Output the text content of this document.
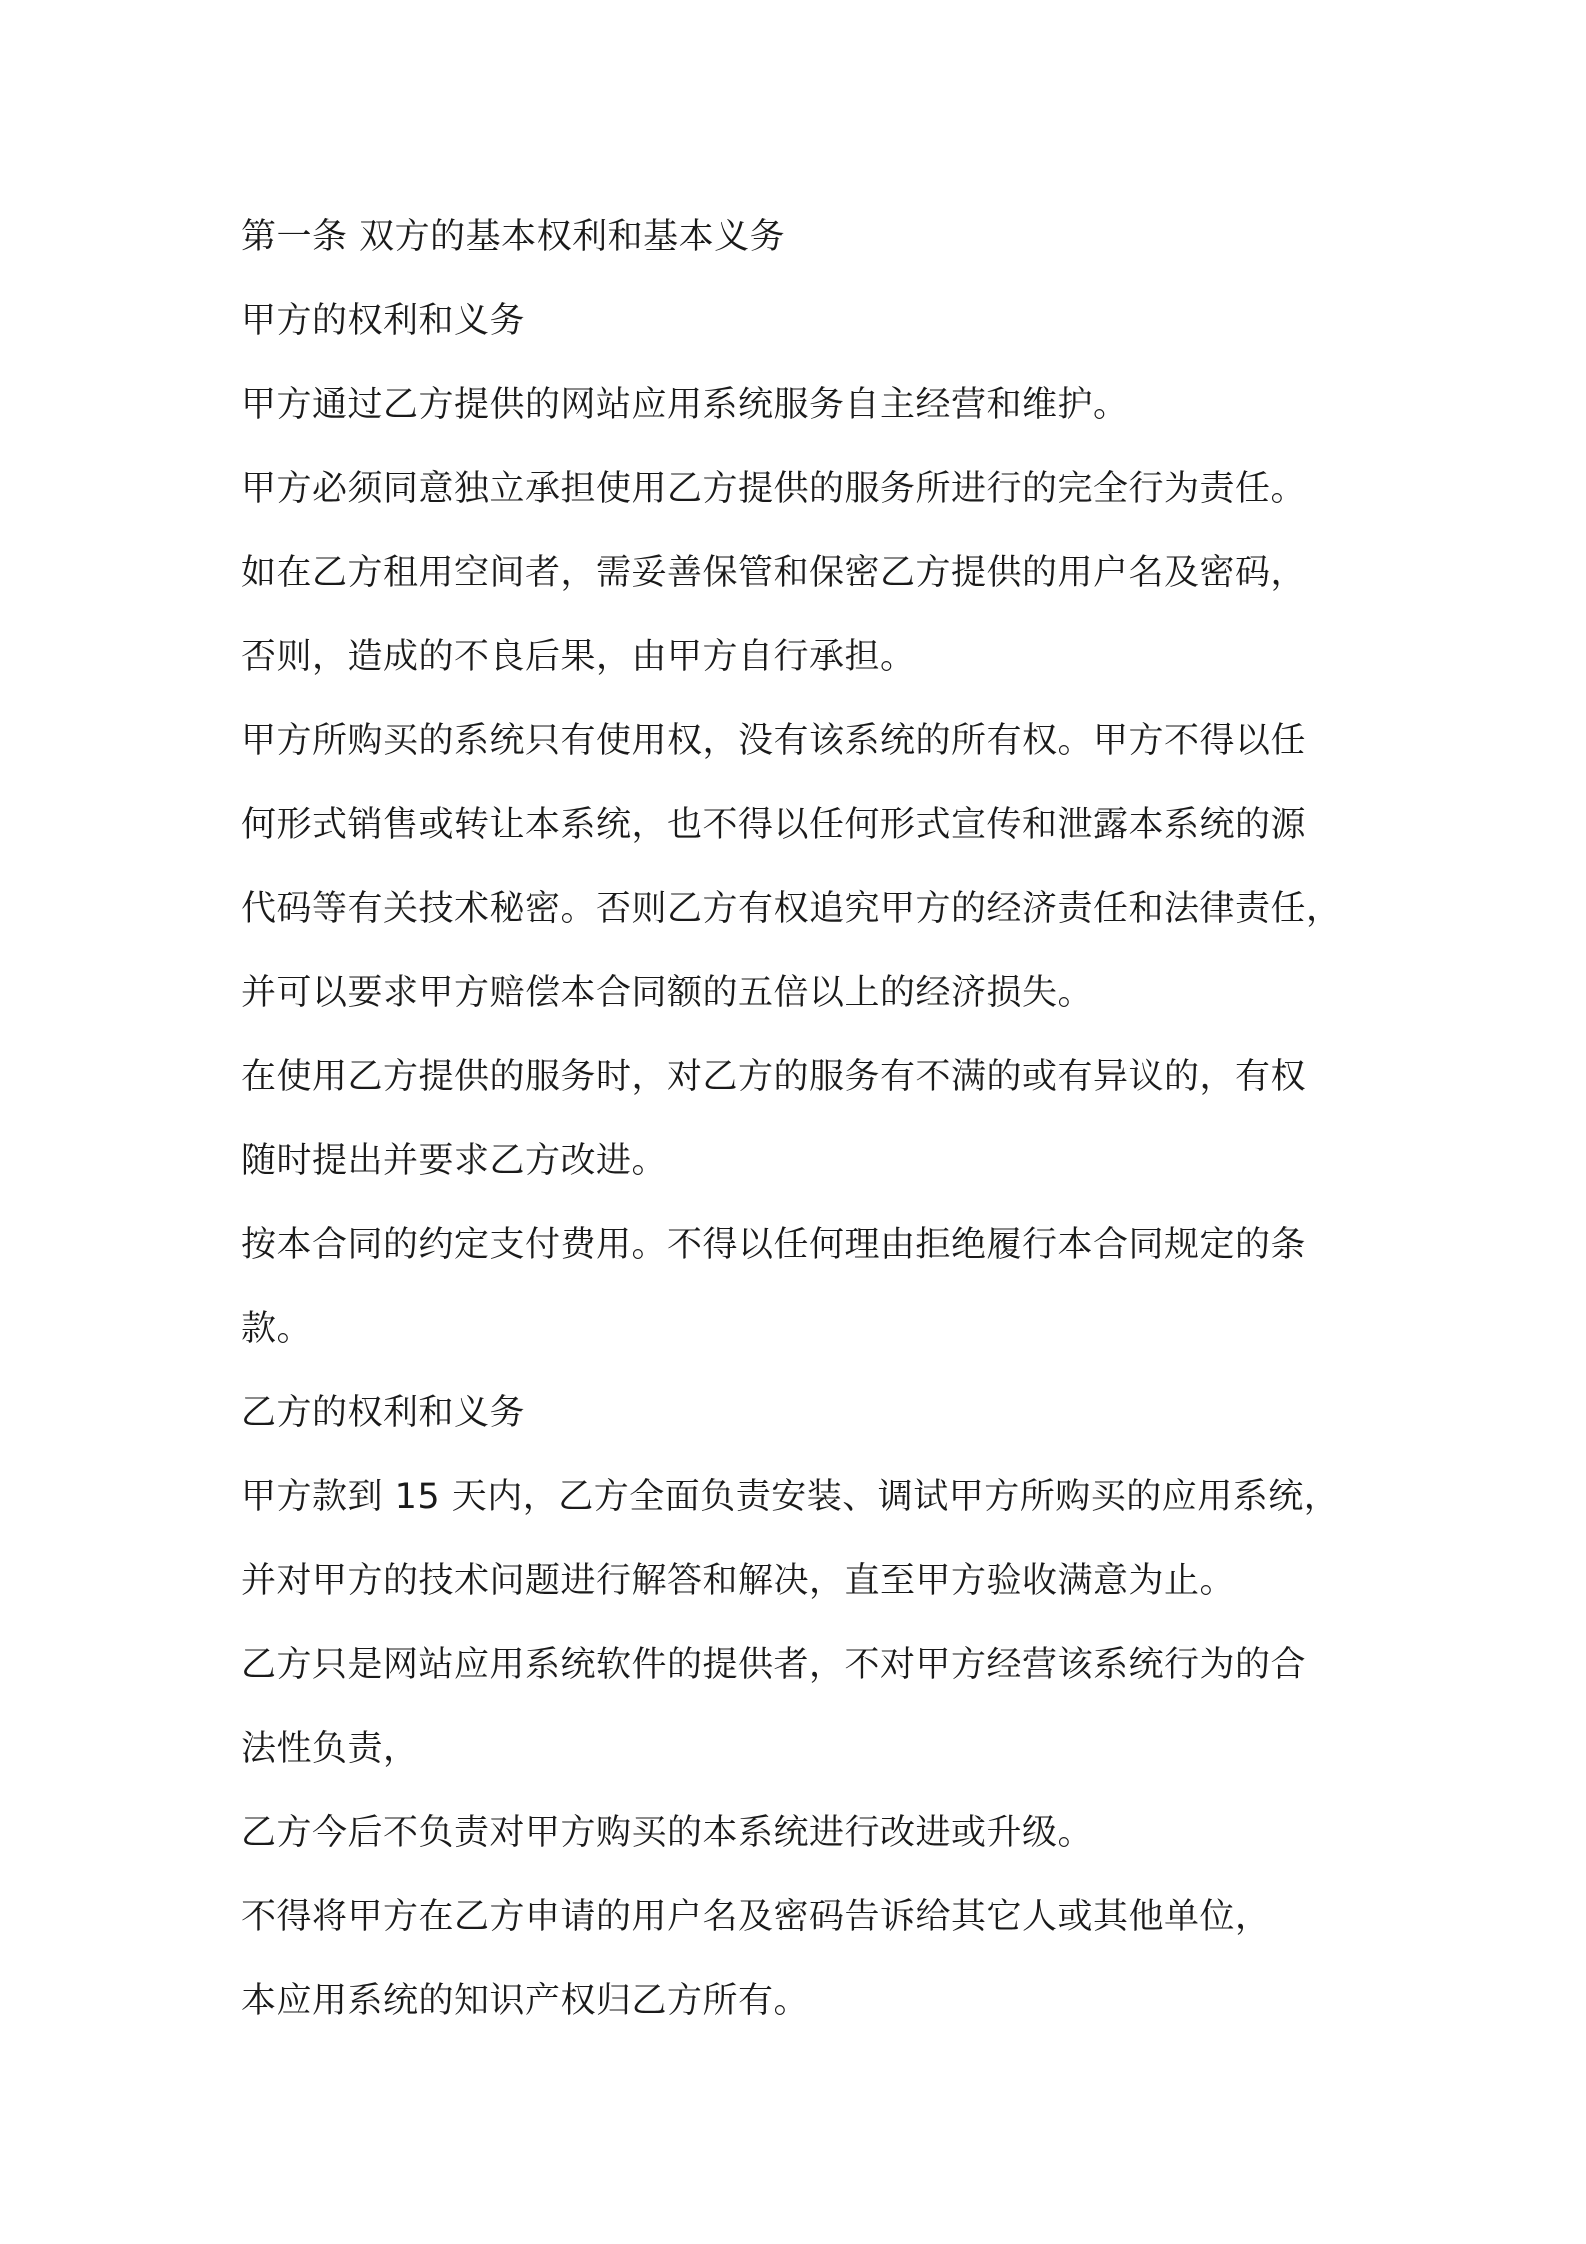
第一条 双方的基本权利和基本义务
甲方的权利和义务
甲方通过乙方提供的网站应用系统服务自主经营和维护。
甲方必须同意独立承担使用乙方提供的服务所进行的完全行为责任。
如在乙方租用空间者，需妥善保管和保密乙方提供的用户名及密码，
否则，造成的不良后果，由甲方自行承担。
甲方所购买的系统只有使用权，没有该系统的所有权。甲方不得以任
何形式销售或转让本系统，也不得以任何形式宣传和泄露本系统的源
代码等有关技术秘密。否则乙方有权追究甲方的经济责任和法律责任，
并可以要求甲方赔偿本合同额的五倍以上的经济损失。
在使用乙方提供的服务时，对乙方的服务有不满的或有异议的，有权
随时提出并要求乙方改进。
按本合同的约定支付费用。不得以任何理由拒绝履行本合同规定的条
款。
乙方的权利和义务
甲方款到 15 天内，乙方全面负责安装、调试甲方所购买的应用系统，
并对甲方的技术问题进行解答和解决，直至甲方验收满意为止。
乙方只是网站应用系统软件的提供者，不对甲方经营该系统行为的合
法性负责，
乙方今后不负责对甲方购买的本系统进行改进或升级。
不得将甲方在乙方申请的用户名及密码告诉给其它人或其他单位，
本应用系统的知识产权归乙方所有。
